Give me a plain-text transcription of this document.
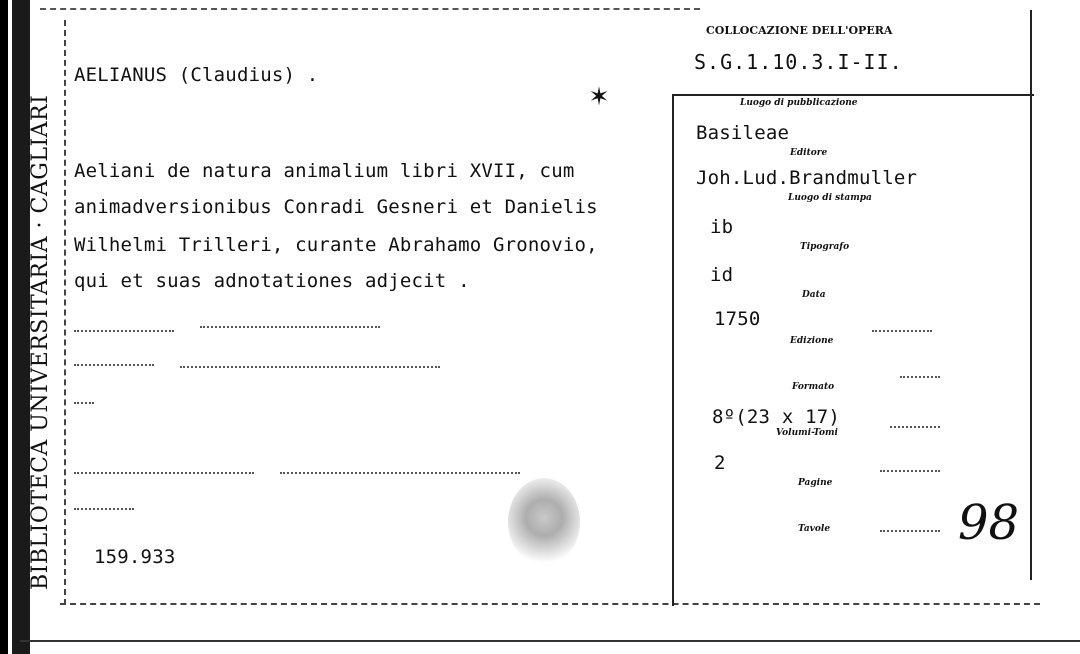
BIBLIOTECA UNIVERSITARIA · CAGLIARI
COLLOCAZIONE DELL'OPERA
S.G.1.10.3.I-II.
AELIANUS (Claudius) .
✶
Aeliani de natura animalium libri XVII, cum
animadversionibus Conradi Gesneri et Danielis
Wilhelmi Trilleri, curante Abrahamo Gronovio,
qui et suas adnotationes adjecit .
159.933
Luogo di pubblicazione
Basileae
Editore
Joh.Lud.Brandmuller
Luogo di stampa
ib
Tipografo
id
Data
1750
Edizione
Formato
8º(23 x 17)
Volumi-Tomi
2
Pagine
Tavole	98
